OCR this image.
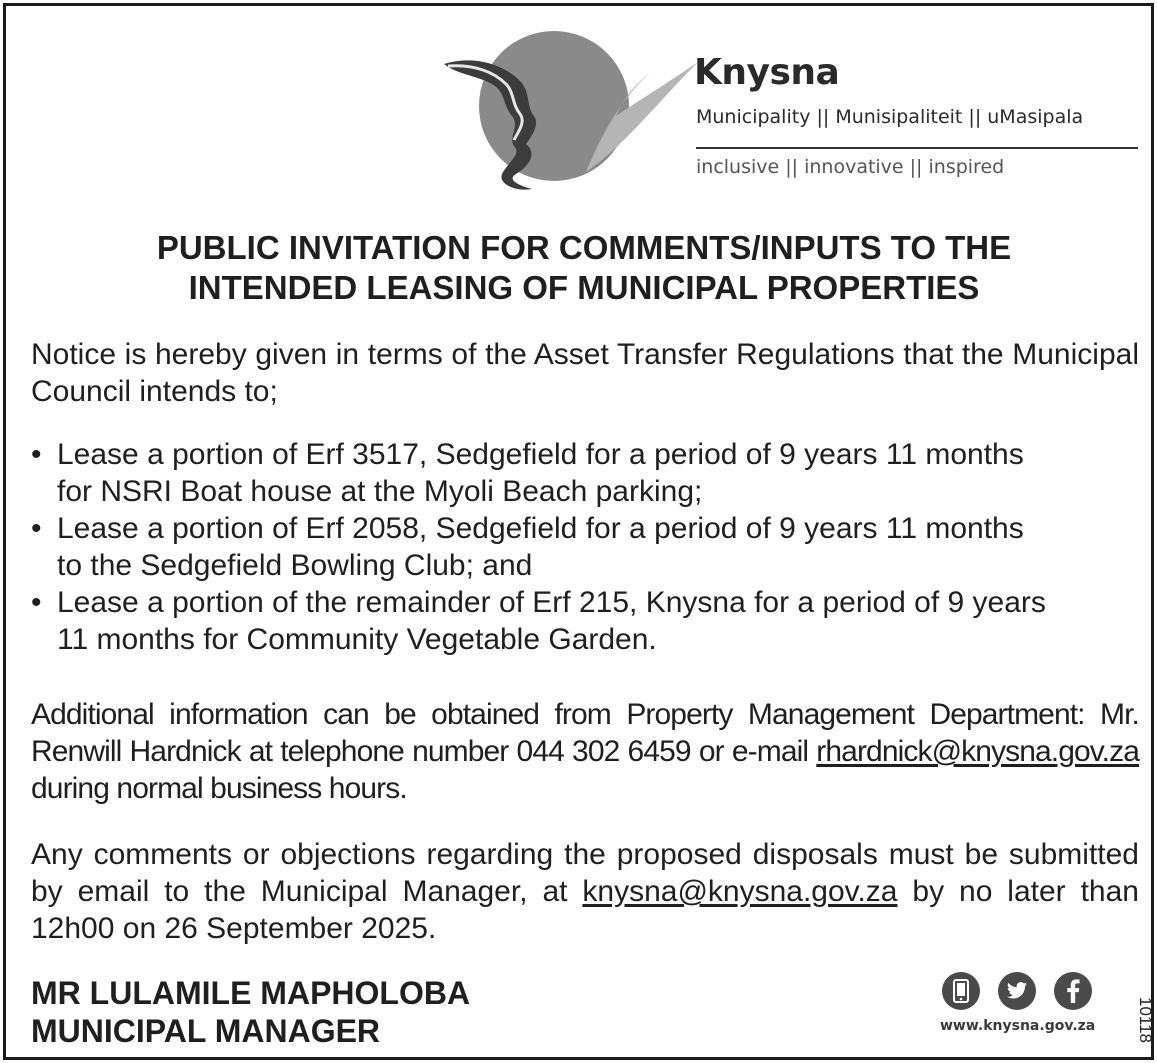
Knysna
Municipality || Munisipaliteit || uMasipala
inclusive || innovative || inspired
PUBLIC INVITATION FOR COMMENTS/INPUTS TO THE
INTENDED LEASING OF MUNICIPAL PROPERTIES
Notice is hereby given in terms of the Asset Transfer Regulations that the Municipal Council intends to;
• Lease a portion of Erf 3517, Sedgefield for a period of 9 years 11 months
for NSRI Boat house at the Myoli Beach parking;
• Lease a portion of Erf 2058, Sedgefield for a period of 9 years 11 months
to the Sedgefield Bowling Club; and
• Lease a portion of the remainder of Erf 215, Knysna for a period of 9 years
11 months for Community Vegetable Garden.
Additional information can be obtained from Property Management Department: Mr. Renwill Hardnick at telephone number 044 302 6459 or e-mail rhardnick@knysna.gov.za during normal business hours.
Any comments or objections regarding the proposed disposals must be submitted by email to the Municipal Manager, at knysna@knysna.gov.za by no later than 12h00 on 26 September 2025.
MR LULAMILE MAPHOLOBA
MUNICIPAL MANAGER	www.knysna.gov.za 10118
